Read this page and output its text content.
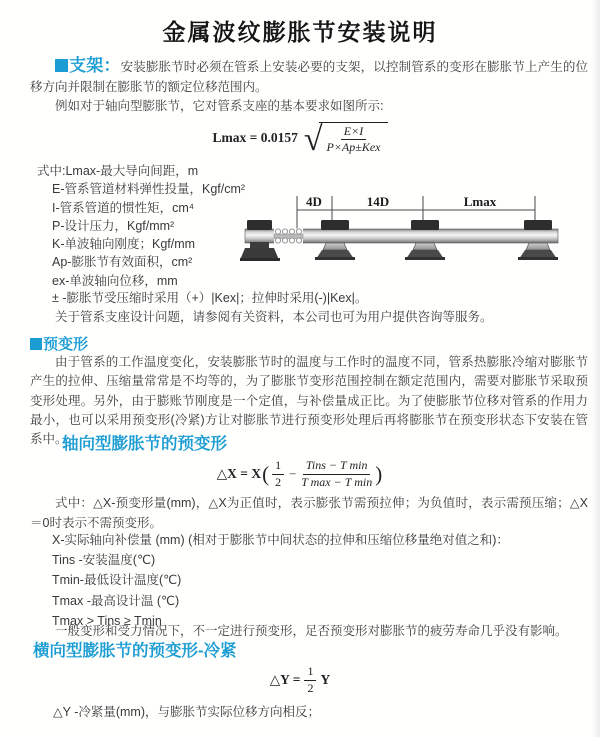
金属波纹膨胀节安装说明
支架：安装膨胀节时必须在管系上安装必要的支架，以控制管系的变形在膨胀节上产生的位移方向并限制在膨胀节的额定位移范围内。
例如对于轴向型膨胀节，它对管系支座的基本要求如图所示:
Lmax = 0.0157 √ $\frac{E\times I}{\text{P×Ap±Kex}}$
式中:Lmax-最大导向间距，m
E-管系管道材料弹性投量，Kgf/cm²
I-管系管道的惯性矩，cm⁴
P-设计压力，Kgf/mm²
K-单波轴向刚度；Kgf/mm
Ap-膨胀节有效面积，cm²
ex-单波轴向位移，mm
± -膨胀节受压缩时采用（+）|Kex|；拉伸时采用(-)|Kex|。
关于管系支座设计问题，请参阅有关资料，本公司也可为用户提供咨询等服务。
4D	14D	Lmax
预变形
由于管系的工作温度变化，安装膨胀节时的温度与工作时的温度不同，管系热膨胀冷缩对膨胀节产生的拉伸、压缩量常常是不均等的，为了膨胀节变形范围控制在额定范围内，需要对膨胀节采取预变形处理。另外，由于膨账节刚度是一个定值，与补偿量成正比。为了使膨胀节位移对管系的作用力最小，也可以采用预变形(冷紧)方让对膨胀节进行预变形处理后再将膨胀节在预变形状态下安装在管系中。
轴向型膨胀节的预变形
△X = X ( $\frac{1}{2} - \frac{\text{Tins − T min}}{\text{T max − T min}}$ )
式中：△X-预变形量(mm)，△X为正值时，表示膨张节需预拉伸；为负值时，表示需预压缩；△X＝0时表示不需预变形。
X-实际轴向补偿量 (mm) (相对于膨胀节中间状态的拉伸和压缩位移量绝对值之和)：
Tins -安装温度(℃)
Tmin-最低设计温度(℃)
Tmax -最高设计温 (℃)
Tmax > Tins ≥ Tmin
一般变形和受力情况下，不一定进行预变形，足否预变形对膨胀节的疲劳寿命几乎没有影响。
横向型膨胀节的预变形-冷紧
△Y = $\frac{1}{2}$ Y
△Y -冷紧量(mm)，与膨胀节实际位移方向相反；
